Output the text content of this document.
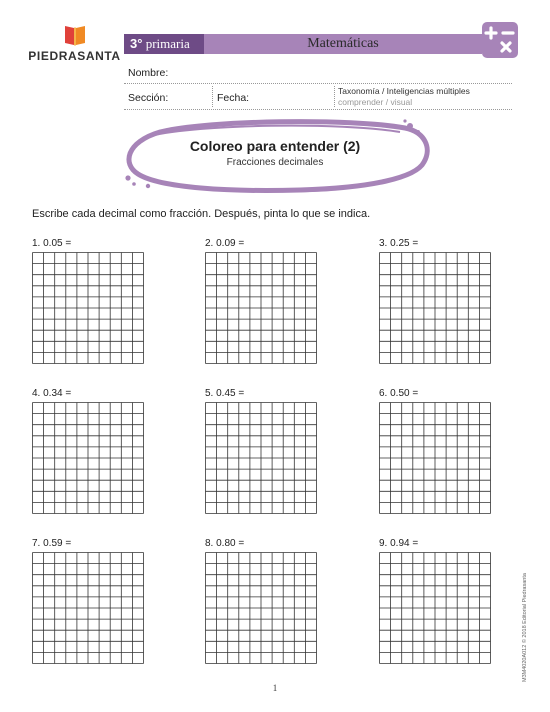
PIEDRASANTA
3° primaria	Matemáticas
Nombre:
Sección:	Fecha:
Taxonomía / Inteligencias múltiples
comprender / visual
Coloreo para entender (2)
Fracciones decimales
Escribe cada decimal como fracción. Después, pinta lo que se indica.
1. 0.05 =	2. 0.09 =	3. 0.25 =
4. 0.34 =	5. 0.45 =	6. 0.50 =
7. 0.59 =	8. 0.80 =	9. 0.94 =
M3M4020A012 © 2018 Editorial Piedrasanta
1
